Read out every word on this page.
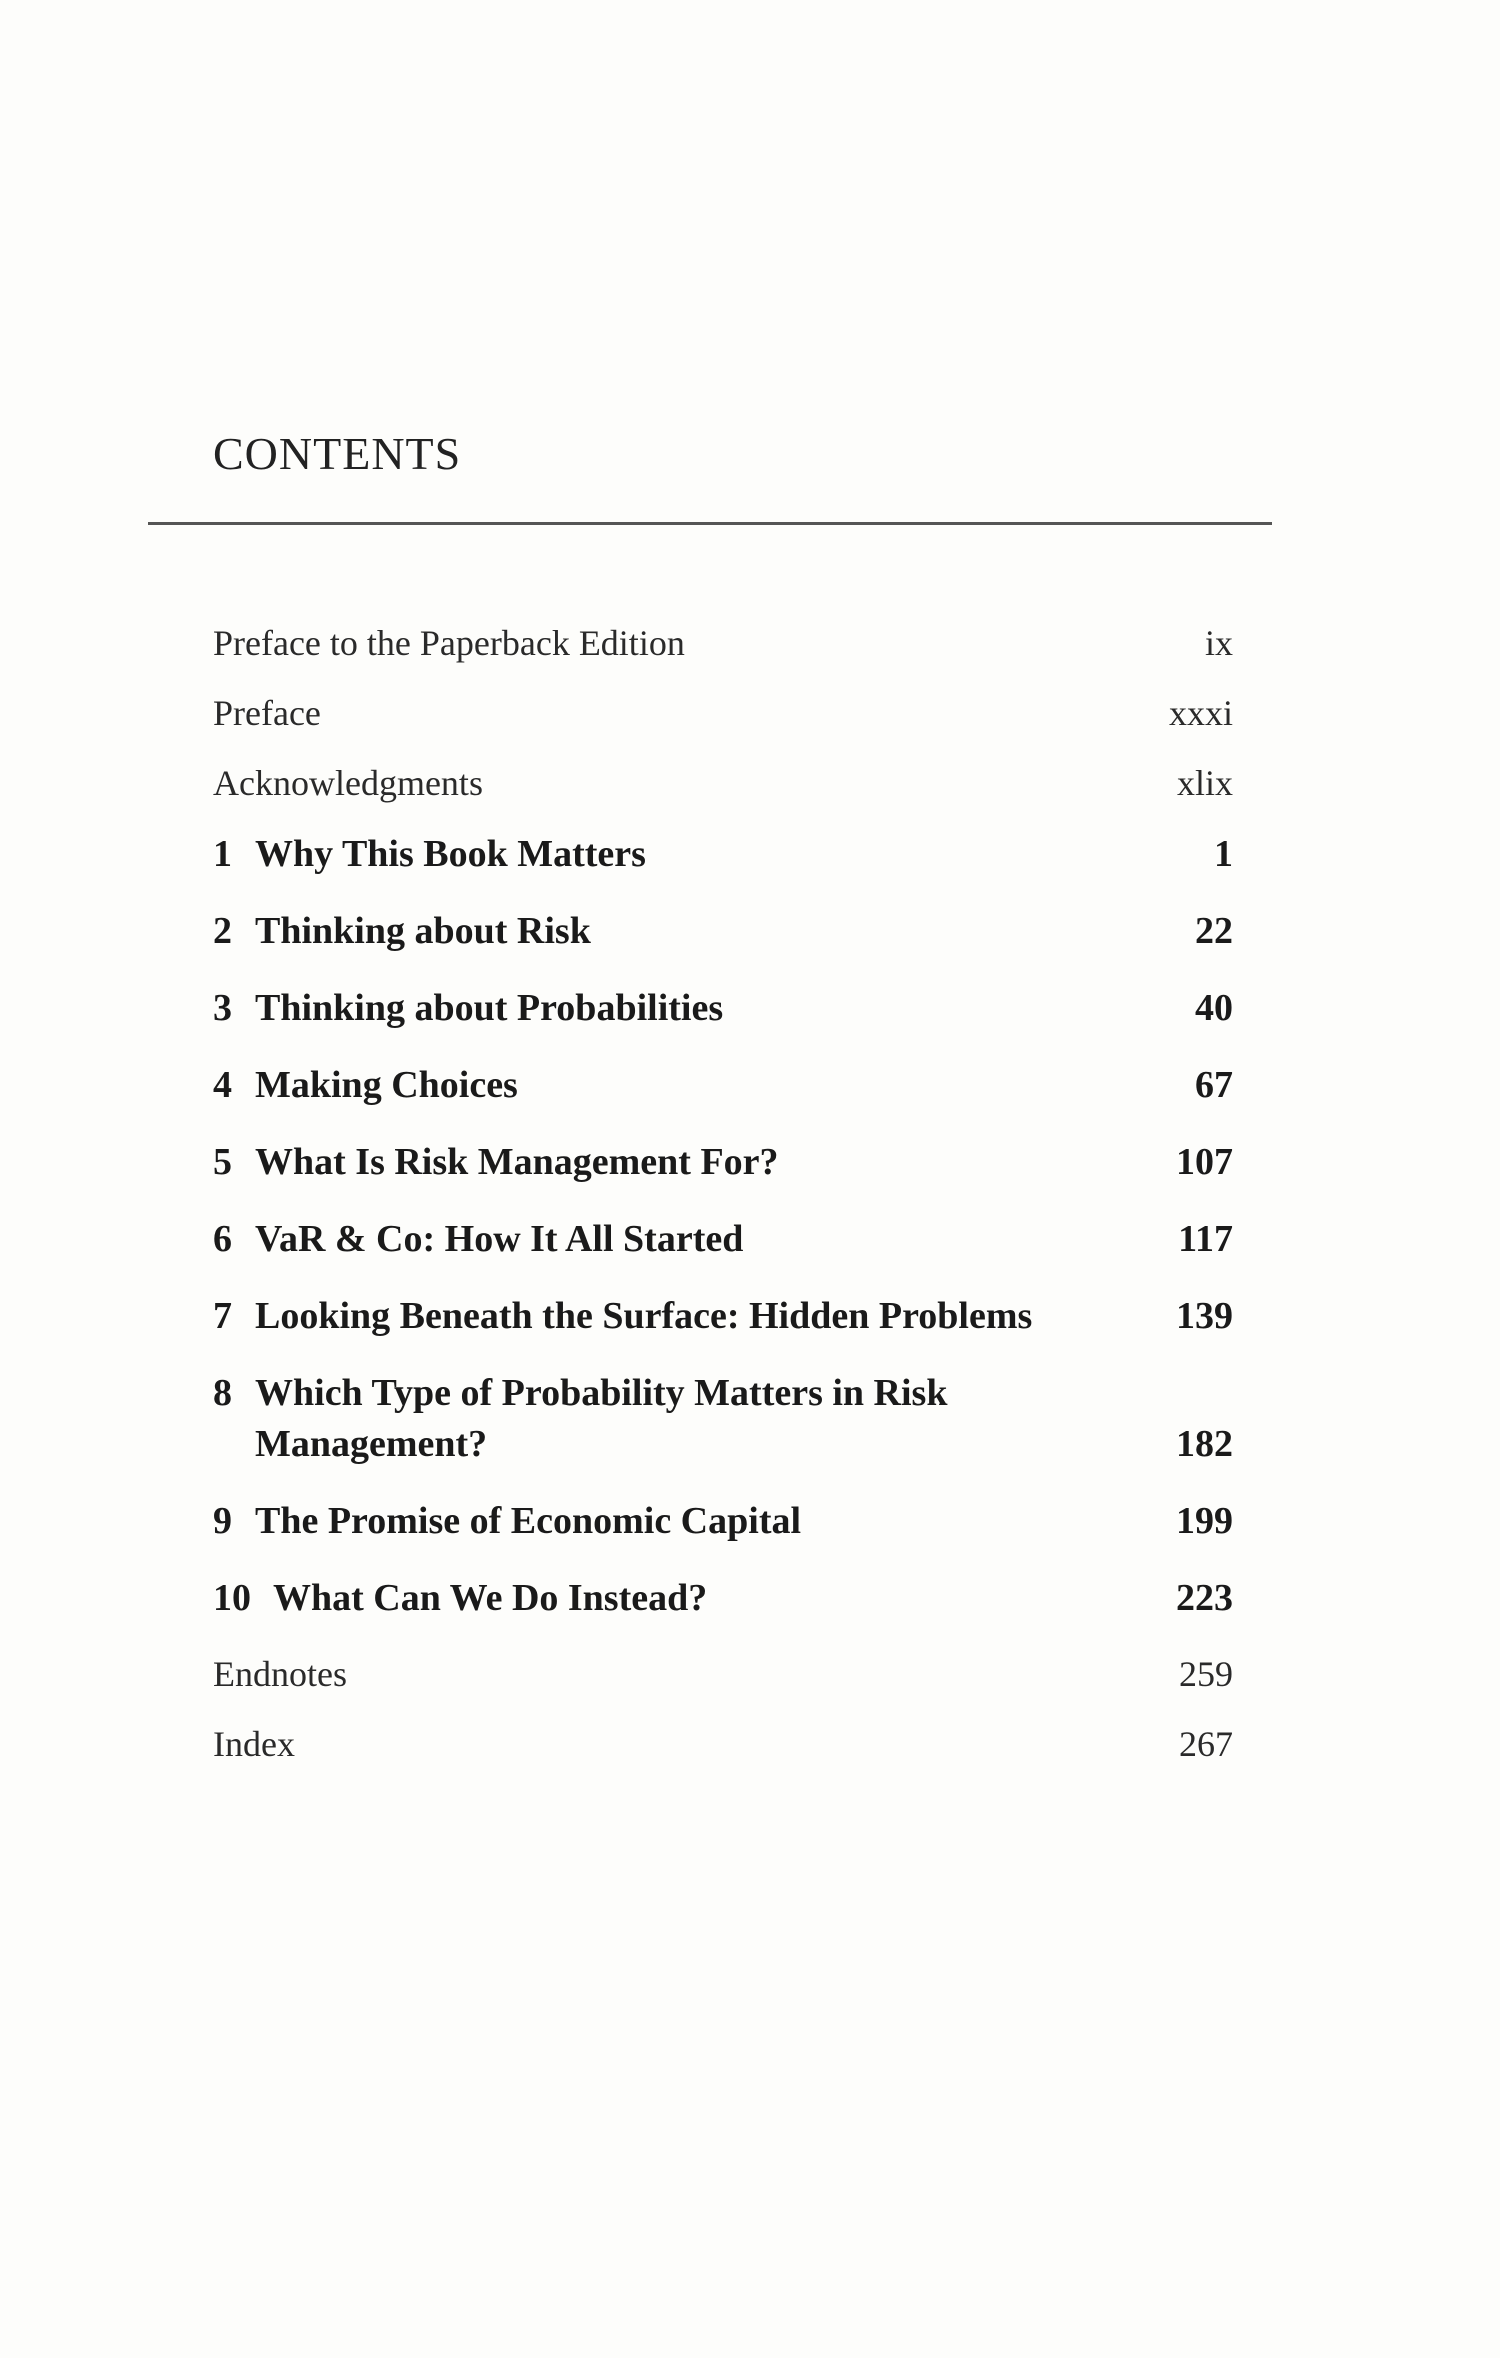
CONTENTS
Preface to the Paperback Edition	ix
Preface	xxxi
Acknowledgments	xlix
1 Why This Book Matters	1
2 Thinking about Risk	22
3 Thinking about Probabilities	40
4 Making Choices	67
5 What Is Risk Management For?	107
6 VaR & Co: How It All Started	117
7 Looking Beneath the Surface: Hidden Problems	139
8 Which Type of Probability Matters in Risk
Management?	182
9 The Promise of Economic Capital	199
10 What Can We Do Instead?	223
Endnotes	259
Index	267
